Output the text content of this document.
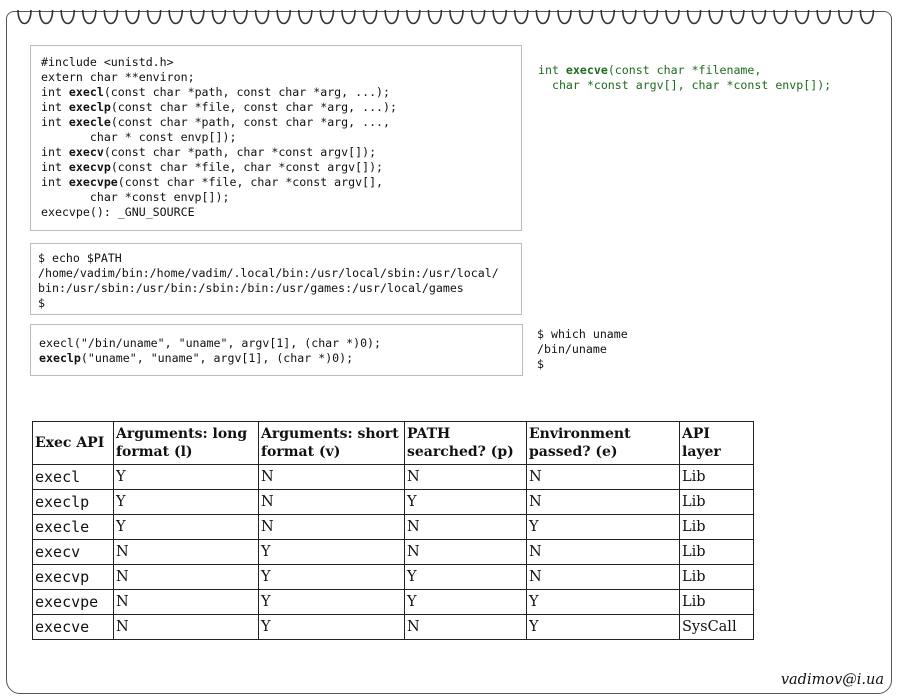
#include <unistd.h>
extern char **environ;
int execl(const char *path, const char *arg, ...);
int execlp(const char *file, const char *arg, ...);
int execle(const char *path, const char *arg, ...,
char * const envp[]);
int execv(const char *path, char *const argv[]);
int execvp(const char *file, char *const argv[]);
int execvpe(const char *file, char *const argv[],
char *const envp[]);
execvpe(): _GNU_SOURCE
int execve(const char *filename,
char *const argv[], char *const envp[]);
$ echo $PATH
/home/vadim/bin:/home/vadim/.local/bin:/usr/local/sbin:/usr/local/
bin:/usr/sbin:/usr/bin:/sbin:/bin:/usr/games:/usr/local/games
$
execl("/bin/uname", "uname", argv[1], (char *)0);
execlp("uname", "uname", argv[1], (char *)0);
$ which uname
/bin/uname
$
Exec API	Arguments: long format (l)	Arguments: short format (v)	PATH searched? (p)	Environment passed? (e)	API layer
execl	Y	N	N	N	Lib
execlp	Y	N	Y	N	Lib
execle	Y	N	N	Y	Lib
execv	N	Y	N	N	Lib
execvp	N	Y	Y	N	Lib
execvpe	N	Y	Y	Y	Lib
execve	N	Y	N	Y	SysCall
vadimov@i.ua
